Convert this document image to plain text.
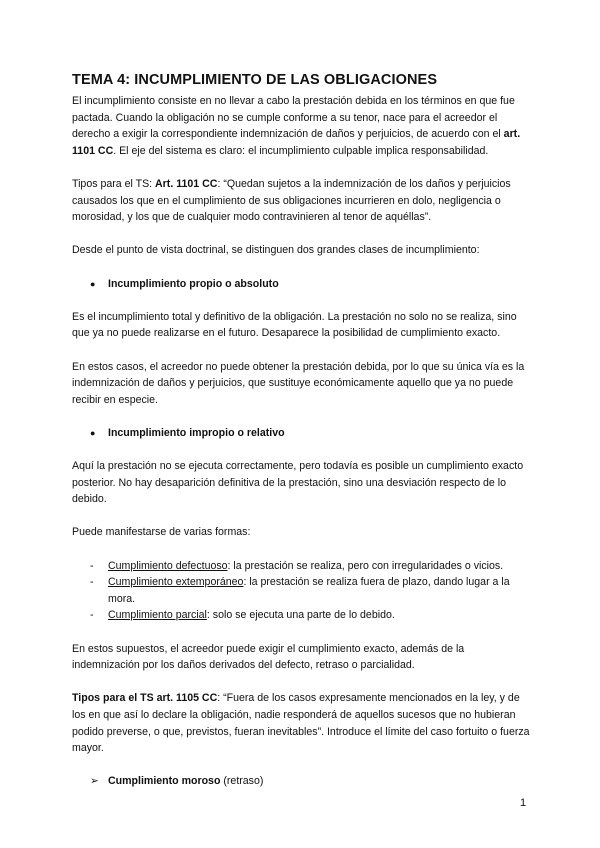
TEMA 4: INCUMPLIMIENTO DE LAS OBLIGACIONES

El incumplimiento consiste en no llevar a cabo la prestación debida en los términos en que fue pactada. Cuando la obligación no se cumple conforme a su tenor, nace para el acreedor el derecho a exigir la correspondiente indemnización de daños y perjuicios, de acuerdo con el art. 1101 CC. El eje del sistema es claro: el incumplimiento culpable implica responsabilidad.

Tipos para el TS: Art. 1101 CC: “Quedan sujetos a la indemnización de los daños y perjuicios causados los que en el cumplimiento de sus obligaciones incurrieren en dolo, negligencia o morosidad, y los que de cualquier modo contravinieren al tenor de aquéllas”.

Desde el punto de vista doctrinal, se distinguen dos grandes clases de incumplimiento:

● Incumplimiento propio o absoluto

Es el incumplimiento total y definitivo de la obligación. La prestación no solo no se realiza, sino que ya no puede realizarse en el futuro. Desaparece la posibilidad de cumplimiento exacto.

En estos casos, el acreedor no puede obtener la prestación debida, por lo que su única vía es la indemnización de daños y perjuicios, que sustituye económicamente aquello que ya no puede recibir en especie.

● Incumplimiento impropio o relativo

Aquí la prestación no se ejecuta correctamente, pero todavía es posible un cumplimiento exacto posterior. No hay desaparición definitiva de la prestación, sino una desviación respecto de lo debido.

Puede manifestarse de varias formas:

- Cumplimiento defectuoso: la prestación se realiza, pero con irregularidades o vicios.
- Cumplimiento extemporáneo: la prestación se realiza fuera de plazo, dando lugar a la mora.
- Cumplimiento parcial: solo se ejecuta una parte de lo debido.

En estos supuestos, el acreedor puede exigir el cumplimiento exacto, además de la indemnización por los daños derivados del defecto, retraso o parcialidad.

Tipos para el TS art. 1105 CC: “Fuera de los casos expresamente mencionados en la ley, y de los en que así lo declare la obligación, nadie responderá de aquellos sucesos que no hubieran podido preverse, o que, previstos, fueran inevitables”. Introduce el límite del caso fortuito o fuerza mayor.

➢ Cumplimiento moroso (retraso)
1
